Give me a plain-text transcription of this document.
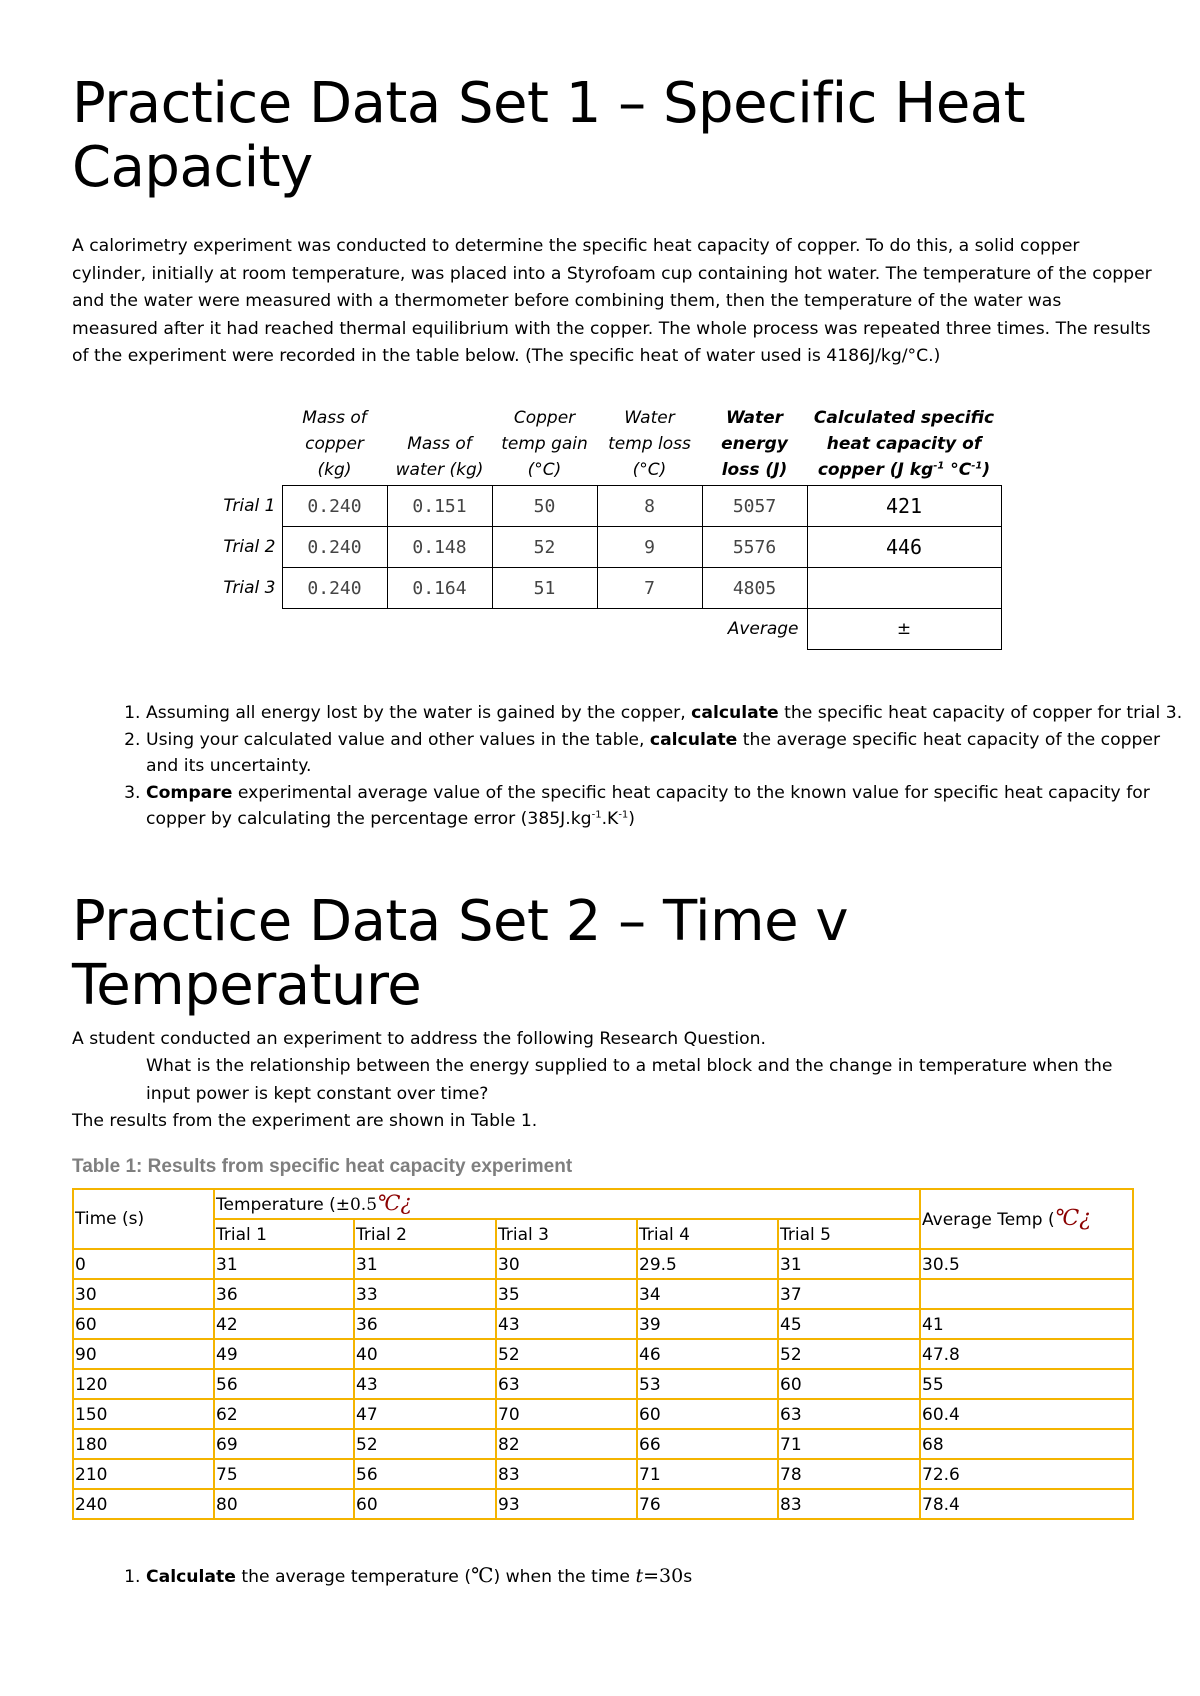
Practice Data Set 1 – Specific Heat Capacity
A calorimetry experiment was conducted to determine the specific heat capacity of copper. To do this, a solid copper cylinder, initially at room temperature, was placed into a Styrofoam cup containing hot water. The temperature of the copper and the water were measured with a thermometer before combining them, then the temperature of the water was measured after it had reached thermal equilibrium with the copper. The whole process was repeated three times. The results of the experiment were recorded in the table below. (The specific heat of water used is 4186J/kg/°C.)
	Mass of copper (kg)	Mass of water (kg)	Copper temp gain (°C)	Water temp loss (°C)	Water energy loss (J)	Calculated specific heat capacity of copper (J $kg^{-1}$ $^\circ C^{-1}$)
Trial 1	0.240	0.151	50	8	5057	421
Trial 2	0.240	0.148	52	9	5576	446
Trial 3	0.240	0.164	51	7	4805	
					Average	±
1. Assuming all energy lost by the water is gained by the copper, calculate the specific heat capacity of copper for trial 3.
2. Using your calculated value and other values in the table, calculate the average specific heat capacity of the copper and its uncertainty.
3. Compare experimental average value of the specific heat capacity to the known value for specific heat capacity for copper by calculating the percentage error $(385J.kg^{-1}.K^{-1})$
Practice Data Set 2 – Time v Temperature
A student conducted an experiment to address the following Research Question.
What is the relationship between the energy supplied to a metal block and the change in temperature when the input power is kept constant over time?
The results from the experiment are shown in Table 1.
Table 1: Results from specific heat capacity experiment
Time (s)	Temperature (±0.5℃¿					Average Temp (℃¿
	Trial 1	Trial 2	Trial 3	Trial 4	Trial 5	
0	31	31	30	29.5	31	30.5
30	36	33	35	34	37	
60	42	36	43	39	45	41
90	49	40	52	46	52	47.8
120	56	43	63	53	60	55
150	62	47	70	60	63	60.4
180	69	52	82	66	71	68
210	75	56	83	71	78	72.6
240	80	60	93	76	83	78.4
1. Calculate the average temperature (℃) when the time t=30s
